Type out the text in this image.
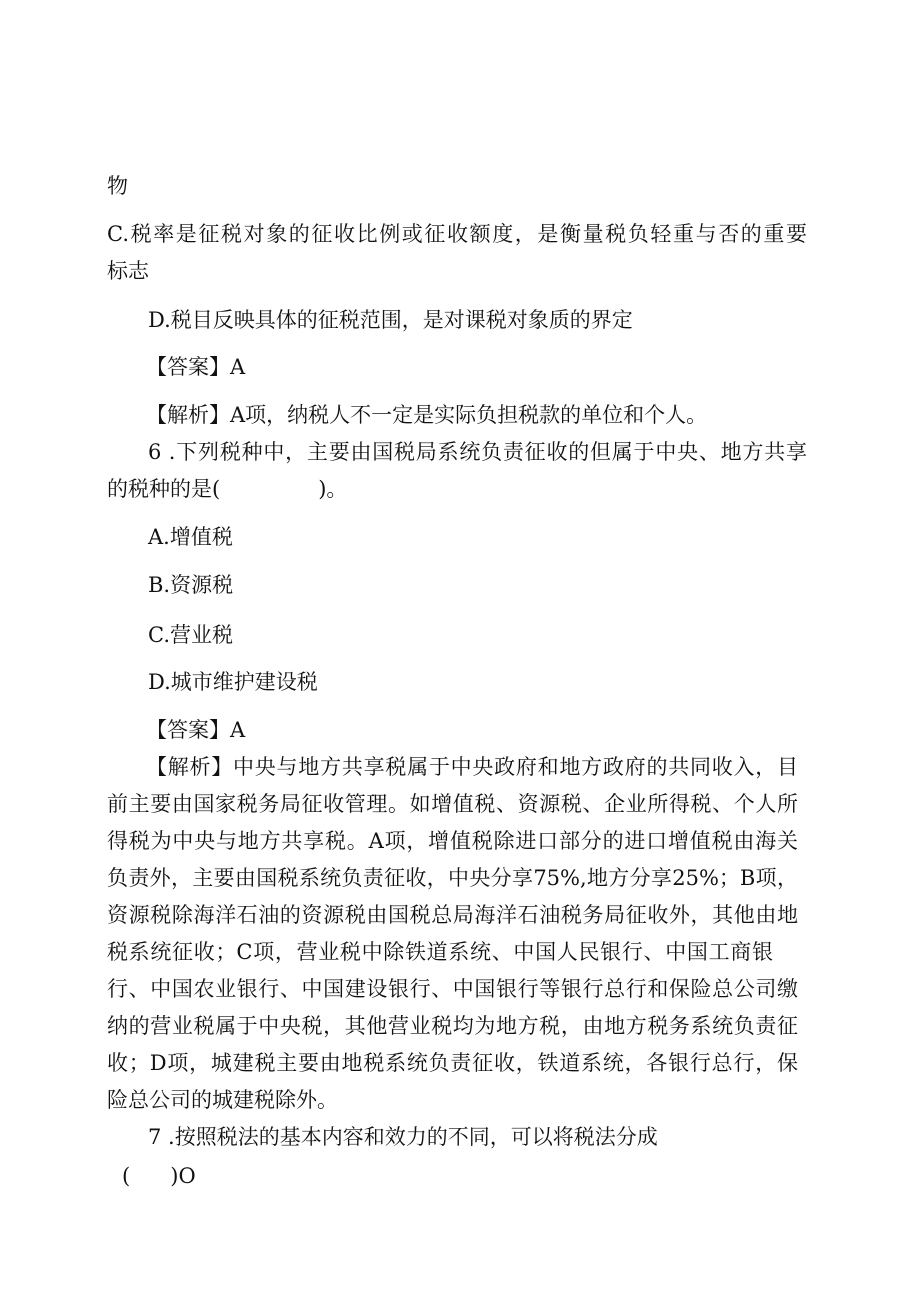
物

C.税率是征税对象的征收比例或征收额度，是衡量税负轻重与否的重要

标志

D.税目反映具体的征税范围，是对课税对象质的界定

【答案】A

【解析】A项，纳税人不一定是实际负担税款的单位和个人。

6 .下列税种中，主要由国税局系统负责征收的但属于中央、地方共享

的税种的是(	)。

A.增值税

B.资源税

C.营业税

D.城市维护建设税

【答案】A

【解析】中央与地方共享税属于中央政府和地方政府的共同收入，目

前主要由国家税务局征收管理。如增值税、资源税、企业所得税、个人所

得税为中央与地方共享税。A项，增值税除进口部分的进口增值税由海关

负责外，主要由国税系统负责征收，中央分享75%,地方分享25%；B项，

资源税除海洋石油的资源税由国税总局海洋石油税务局征收外，其他由地

税系统征收；C项，营业税中除铁道系统、中国人民银行、中国工商银

行、中国农业银行、中国建设银行、中国银行等银行总行和保险总公司缴

纳的营业税属于中央税，其他营业税均为地方税，由地方税务系统负责征

收；D项，城建税主要由地税系统负责征收，铁道系统，各银行总行，保

险总公司的城建税除外。

7 .按照税法的基本内容和效力的不同，可以将税法分成

(      )O
